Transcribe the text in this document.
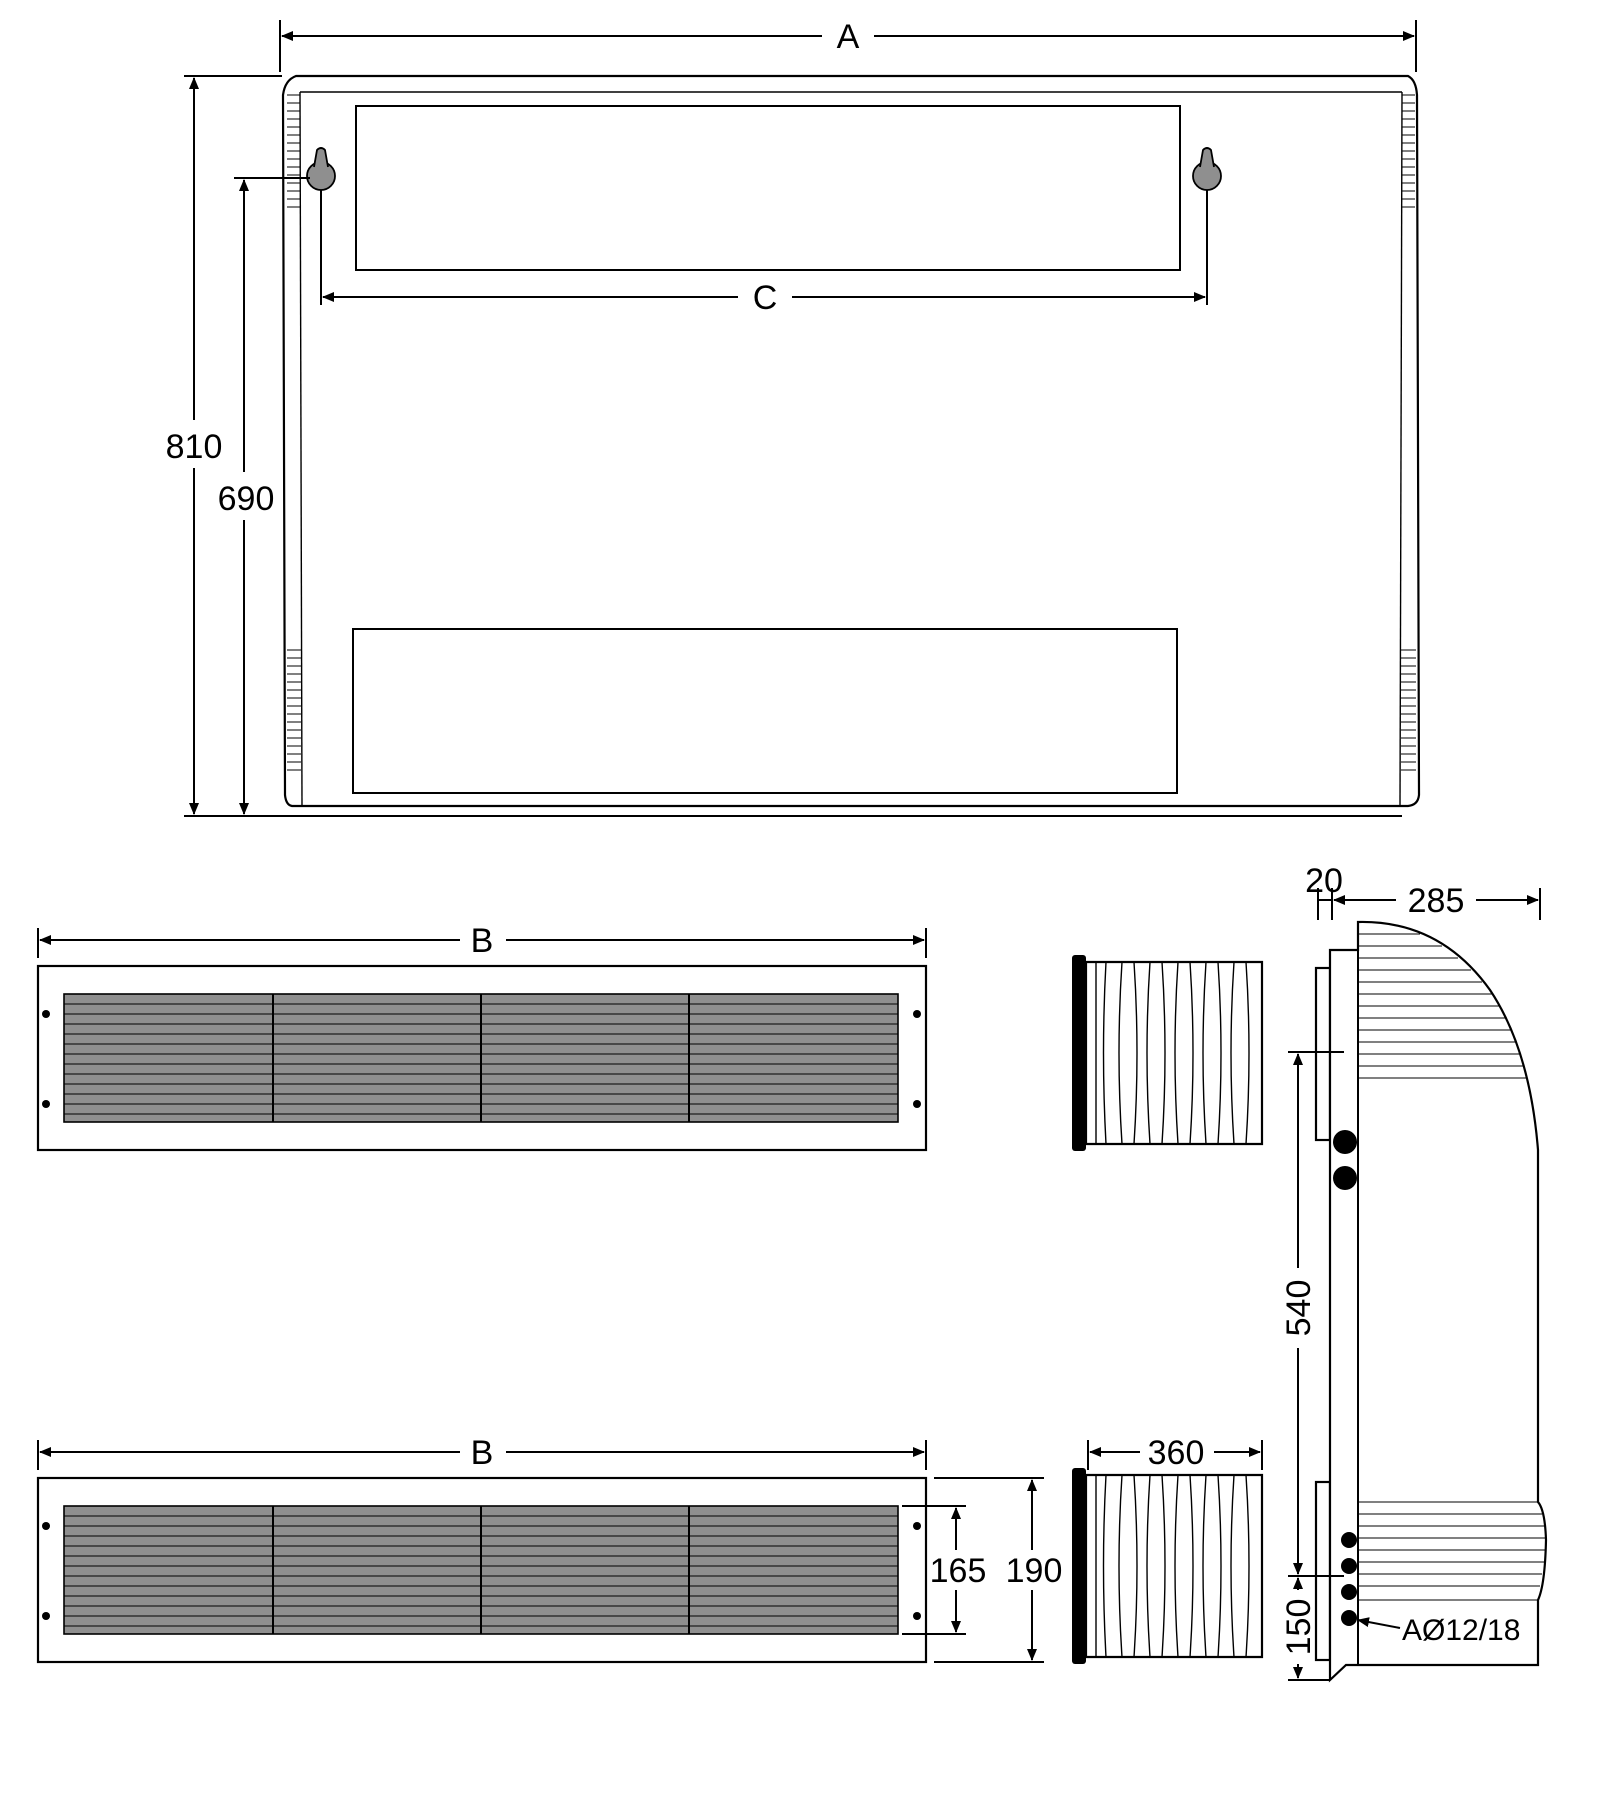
A
C
810
690
B
B
165 190
360
20
285
540
150	AØ12/18
